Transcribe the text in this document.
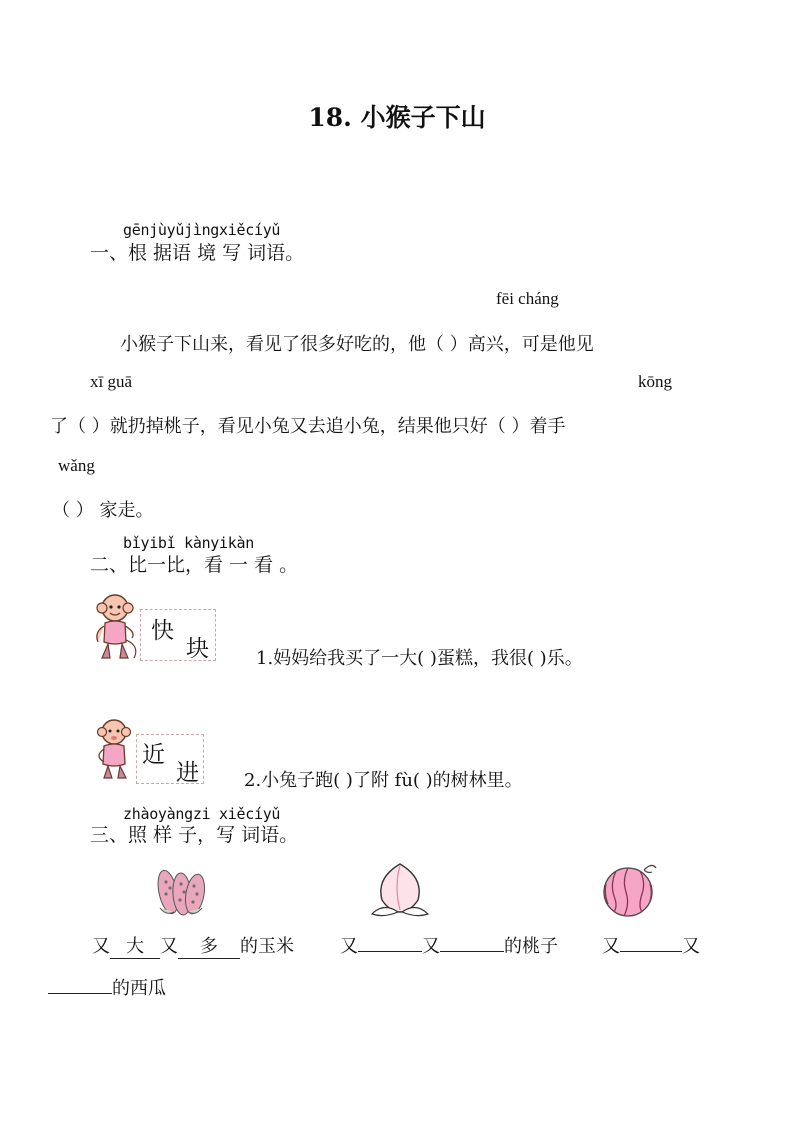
18. 小猴子下山
gēnjùyǔjìngxiěcíyǔ
一、根 据语 境 写 词语。
fēi cháng
小猴子下山来，看见了很多好吃的，他（ ）高兴，可是他见
xī guā	kōng
了（ ）就扔掉桃子，看见小兔又去追小兔，结果他只好（ ）着手
wǎng
（ ） 家走。
bǐyibǐ kànyikàn
二、比一比，看 一 看 。
快
块	1.妈妈给我买了一大( )蛋糕，我很( )乐。
近
进	2.小兔子跑( )了附 fù( )的树林里。
zhàoyàngzi xiěcíyǔ
三、照 样 子，写 词语。
又 大 又 多 的玉米	又	又	的桃子 又	又
的西瓜
